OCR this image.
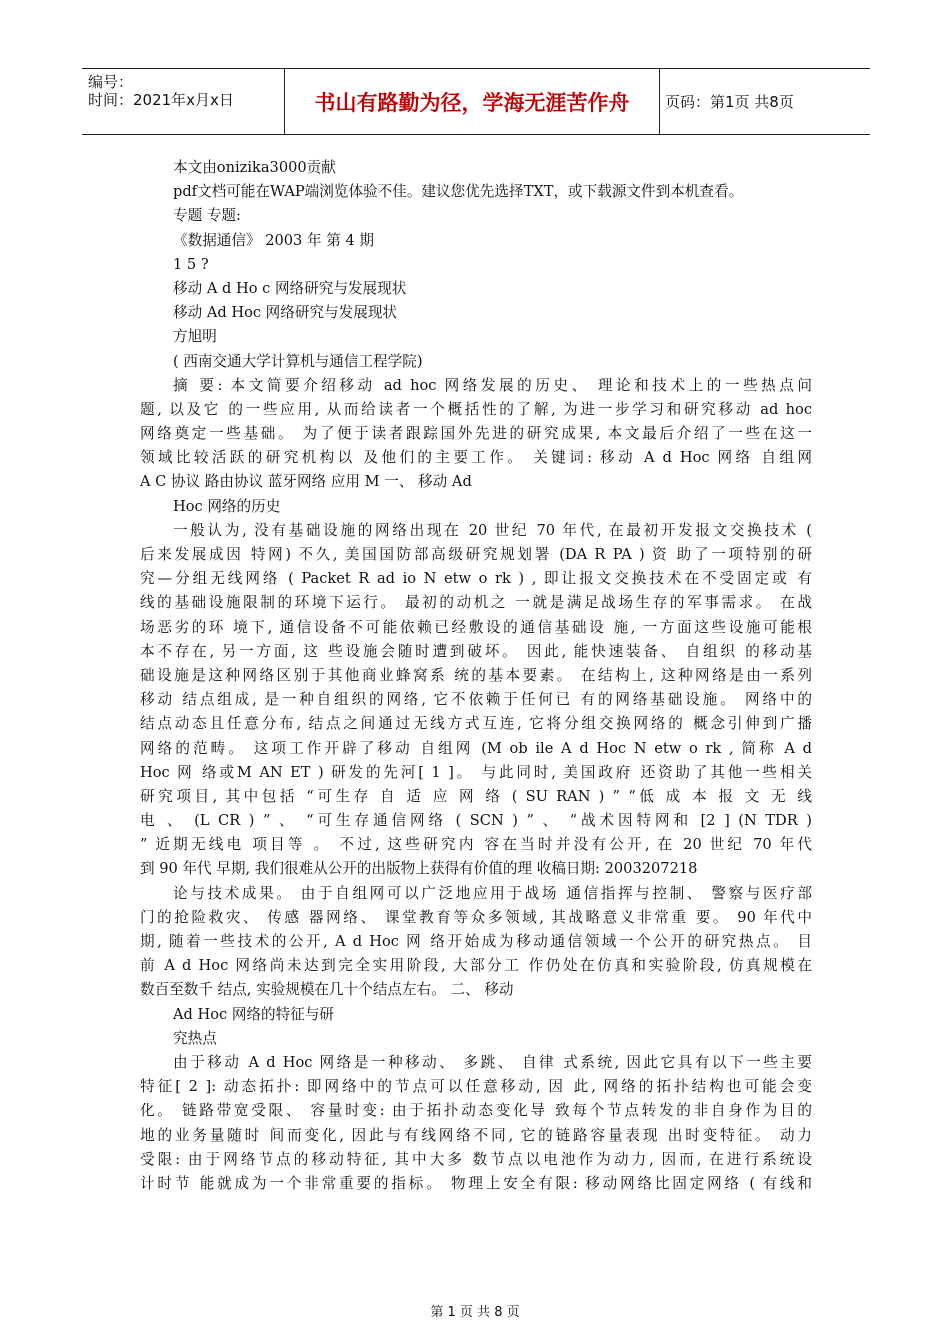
编号：
时间：2021年x月x日	书山有路勤为径，学海无涯苦作舟	页码：第1页 共8页
本文由onizika3000贡献
pdf文档可能在WAP端浏览体验不佳。建议您优先选择TXT，或下载源文件到本机查看。
专题 专题:
《数据通信》 2003 年 第 4 期
1 5 ?
移动 A d Ho c 网络研究与发展现状
移动 Ad Hoc 网络研究与发展现状
方旭明
( 西南交通大学计算机与通信工程学院)
摘 要: 本文简要介绍移动 ad hoc 网络发展的历史、 理论和技术上的一些热点问
题, 以及它 的一些应用, 从而给读者一个概括性的了解, 为进一步学习和研究移动 ad hoc
网络奠定一些基础。 为了便于读者跟踪国外先进的研究成果, 本文最后介绍了一些在这一
领域比较活跃的研究机构以 及他们的主要工作。 关键词: 移动 A d Hoc 网络 自组网
A C 协议 路由协议 蓝牙网络 应用 M 一、 移动 Ad
Hoc 网络的历史
一般认为, 没有基础设施的网络出现在 20 世纪 70 年代, 在最初开发报文交换技术 (
后来发展成因 特网) 不久, 美国国防部高级研究规划署 (DA R PA ) 资 助了一项特别的研
究—分组无线网络 ( Packet R ad io N etw o rk ) , 即让报文交换技术在不受固定或 有
线的基础设施限制的环境下运行。 最初的动机之 一就是满足战场生存的军事需求。 在战
场恶劣的环 境下, 通信设备不可能依赖已经敷设的通信基础设 施, 一方面这些设施可能根
本不存在, 另一方面, 这 些设施会随时遭到破坏。 因此, 能快速装备、 自组织 的移动基
础设施是这种网络区别于其他商业蜂窝系 统的基本要素。 在结构上, 这种网络是由一系列
移动 结点组成, 是一种自组织的网络, 它不依赖于任何已 有的网络基础设施。 网络中的
结点动态且任意分布, 结点之间通过无线方式互连, 它将分组交换网络的 概念引伸到广播
网络的范畴。 这项工作开辟了移动 自组网 (M ob ile A d Hoc N etw o rk , 简称 A d
Hoc 网 络或M AN ET ) 研发的先河[ 1 ]。 与此同时, 美国政府 还资助了其他一些相关
研究项目, 其中包括 “可生存 自 适 应 网 络 ( SU RAN ) ” “低 成 本 报 文 无 线
电 、 (L CR ) ” 、 “可生存通信网络 ( SCN ) ” 、 “战术因特网和 [2 ] (N TDR )
” 近期无线电 项目等 。 不过, 这些研究内 容在当时并没有公开, 在 20 世纪 70 年代
到 90 年代 早期, 我们很难从公开的出版物上获得有价值的理 收稿日期: 2003207218
论与技术成果。 由于自组网可以广泛地应用于战场 通信指挥与控制、 警察与医疗部
门的抢险救灾、 传感 器网络、 课堂教育等众多领域, 其战略意义非常重 要。 90 年代中
期, 随着一些技术的公开, A d Hoc 网 络开始成为移动通信领域一个公开的研究热点。 目
前 A d Hoc 网络尚未达到完全实用阶段, 大部分工 作仍处在仿真和实验阶段, 仿真规模在
数百至数千 结点, 实验规模在几十个结点左右。 二、 移动
Ad Hoc 网络的特征与研
究热点
由于移动 A d Hoc 网络是一种移动、 多跳、 自律 式系统, 因此它具有以下一些主要
特征[ 2 ]: 动态拓扑: 即网络中的节点可以任意移动, 因 此, 网络的拓扑结构也可能会变
化。 链路带宽受限、 容量时变: 由于拓扑动态变化导 致每个节点转发的非自身作为目的
地的业务量随时 间而变化, 因此与有线网络不同, 它的链路容量表现 出时变特征。 动力
受限: 由于网络节点的移动特征, 其中大多 数节点以电池作为动力, 因而, 在进行系统设
计时节 能就成为一个非常重要的指标。 物理上安全有限: 移动网络比固定网络 ( 有线和
第 1 页 共 8 页
